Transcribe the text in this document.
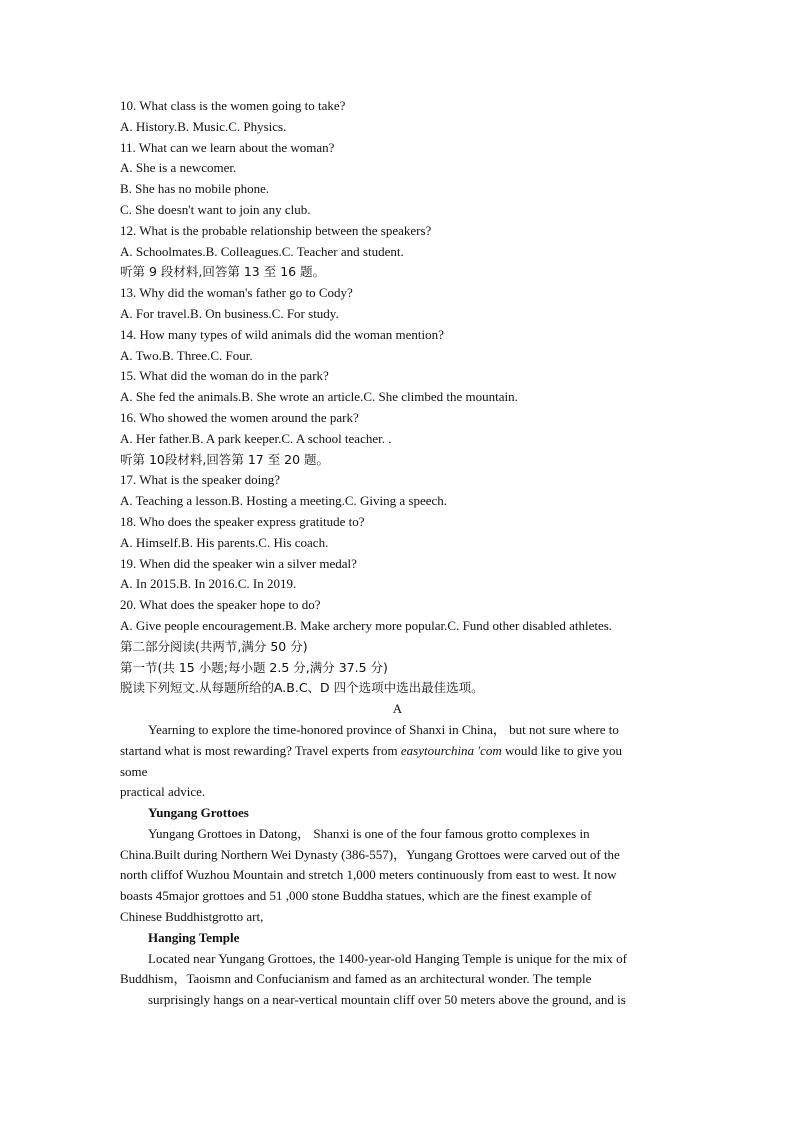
10. What class is the women going to take?
A. History.B. Music.C. Physics.
11. What can we learn about the woman?
A. She is a newcomer.
B. She has no mobile phone.
C. She doesn't want to join any club.
12. What is the probable relationship between the speakers?
A. Schoolmates.B. Colleagues.C. Teacher and student.
听第 9 段材料,回答第 13 至 16 题。
13. Why did the woman's father go to Cody?
A. For travel.B. On business.C. For study.
14. How many types of wild animals did the woman mention?
A. Two.B. Three.C. Four.
15. What did the woman do in the park?
A. She fed the animals.B. She wrote an article.C. She climbed the mountain.
16. Who showed the women around the park?
A. Her father.B. A park keeper.C. A school teacher. .
听第 10段材料,回答第 17 至 20 题。
17. What is the speaker doing?
A. Teaching a lesson.B. Hosting a meeting.C. Giving a speech.
18. Who does the speaker express gratitude to?
A. Himself.B. His parents.C. His coach.
19. When did the speaker win a silver medal?
A. In 2015.B. In 2016.C. In 2019.
20. What does the speaker hope to do?
A. Give people encouragement.B. Make archery more popular.C. Fund other disabled athletes.
第二部分阅读(共两节,满分 50 分)
第一节(共 15 小题;每小题 2.5 分,满分 37.5 分)
脱读下列短文.从每题所给的A.B.C、D 四个选项中选出最佳选项。
A
Yearning to explore the time-honored province of Shanxi in China， but not sure where to
startand what is most rewarding? Travel experts from easytourchina 'com would like to give you
some
practical advice.
Yungang Grottoes
Yungang Grottoes in Datong， Shanxi is one of the four famous grotto complexes in
China.Built during Northern Wei Dynasty (386-557)，Yungang Grottoes were carved out of the
north cliffof Wuzhou Mountain and stretch 1,000 meters continuously from east to west. It now
boasts 45major grottoes and 51 ,000 stone Buddha statues, which are the finest example of
Chinese Buddhistgrotto art,
Hanging Temple
Located near Yungang Grottoes, the 1400-year-old Hanging Temple is unique for the mix of
Buddhism，Taoismn and Confucianism and famed as an architectural wonder. The temple
surprisingly hangs on a near-vertical mountain cliff over 50 meters above the ground, and is
